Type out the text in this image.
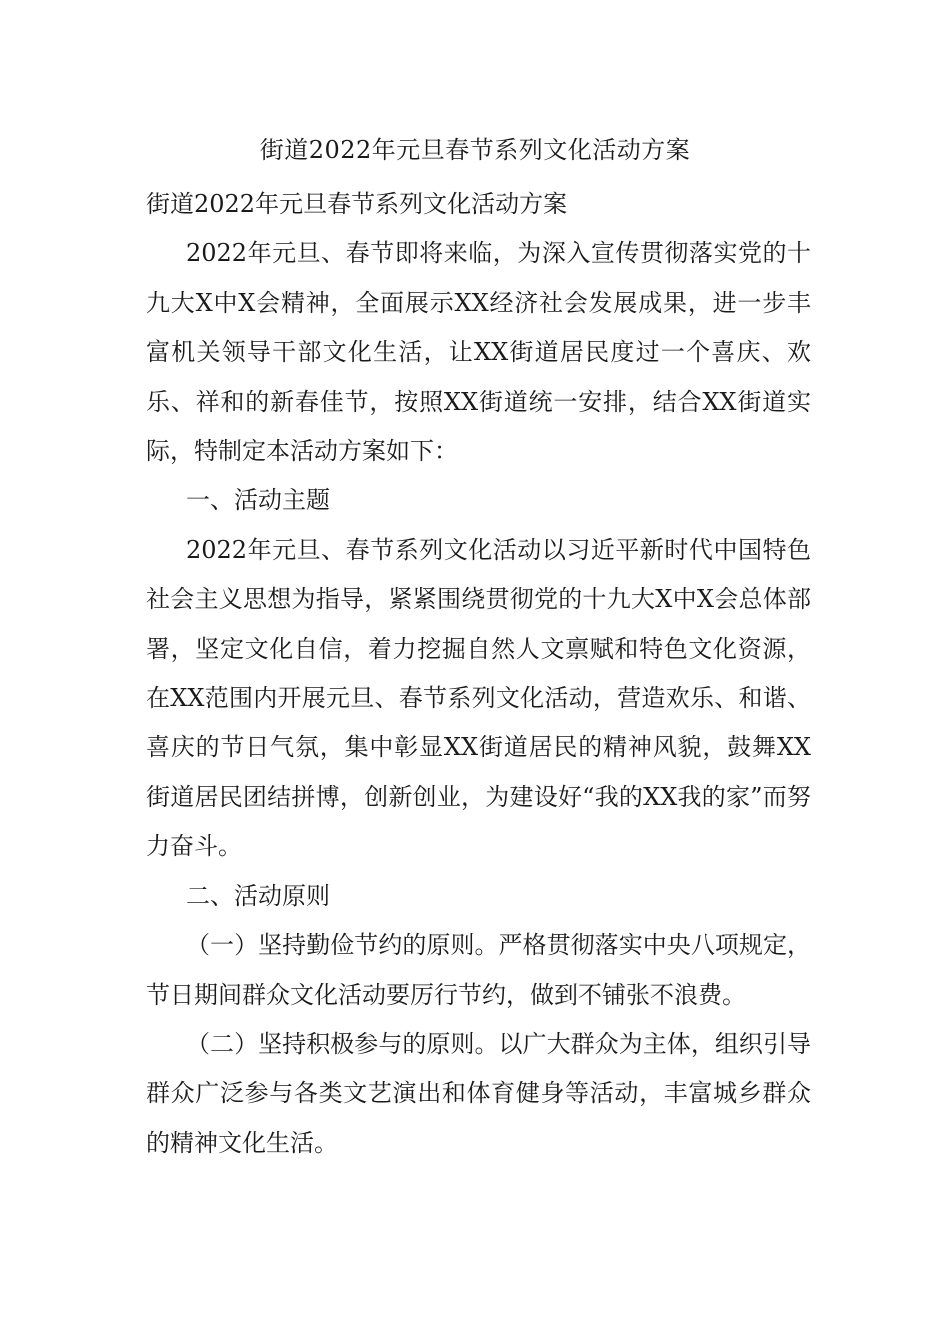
街道2022年元旦春节系列文化活动方案

街道2022年元旦春节系列文化活动方案

2022年元旦、春节即将来临，为深入宣传贯彻落实党的十九大X中X会精神，全面展示XX经济社会发展成果，进一步丰富机关领导干部文化生活，让XX街道居民度过一个喜庆、欢乐、祥和的新春佳节，按照XX街道统一安排，结合XX街道实际，特制定本活动方案如下：

一、活动主题

2022年元旦、春节系列文化活动以习近平新时代中国特色社会主义思想为指导，紧紧围绕贯彻党的十九大X中X会总体部署，坚定文化自信，着力挖掘自然人文禀赋和特色文化资源，在XX范围内开展元旦、春节系列文化活动，营造欢乐、和谐、喜庆的节日气氛，集中彰显XX街道居民的精神风貌，鼓舞XX街道居民团结拼博，创新创业，为建设好“我的XX我的家”而努力奋斗。

二、活动原则

（一）坚持勤俭节约的原则。严格贯彻落实中央八项规定，节日期间群众文化活动要厉行节约，做到不铺张不浪费。

（二）坚持积极参与的原则。以广大群众为主体，组织引导群众广泛参与各类文艺演出和体育健身等活动，丰富城乡群众的精神文化生活。
